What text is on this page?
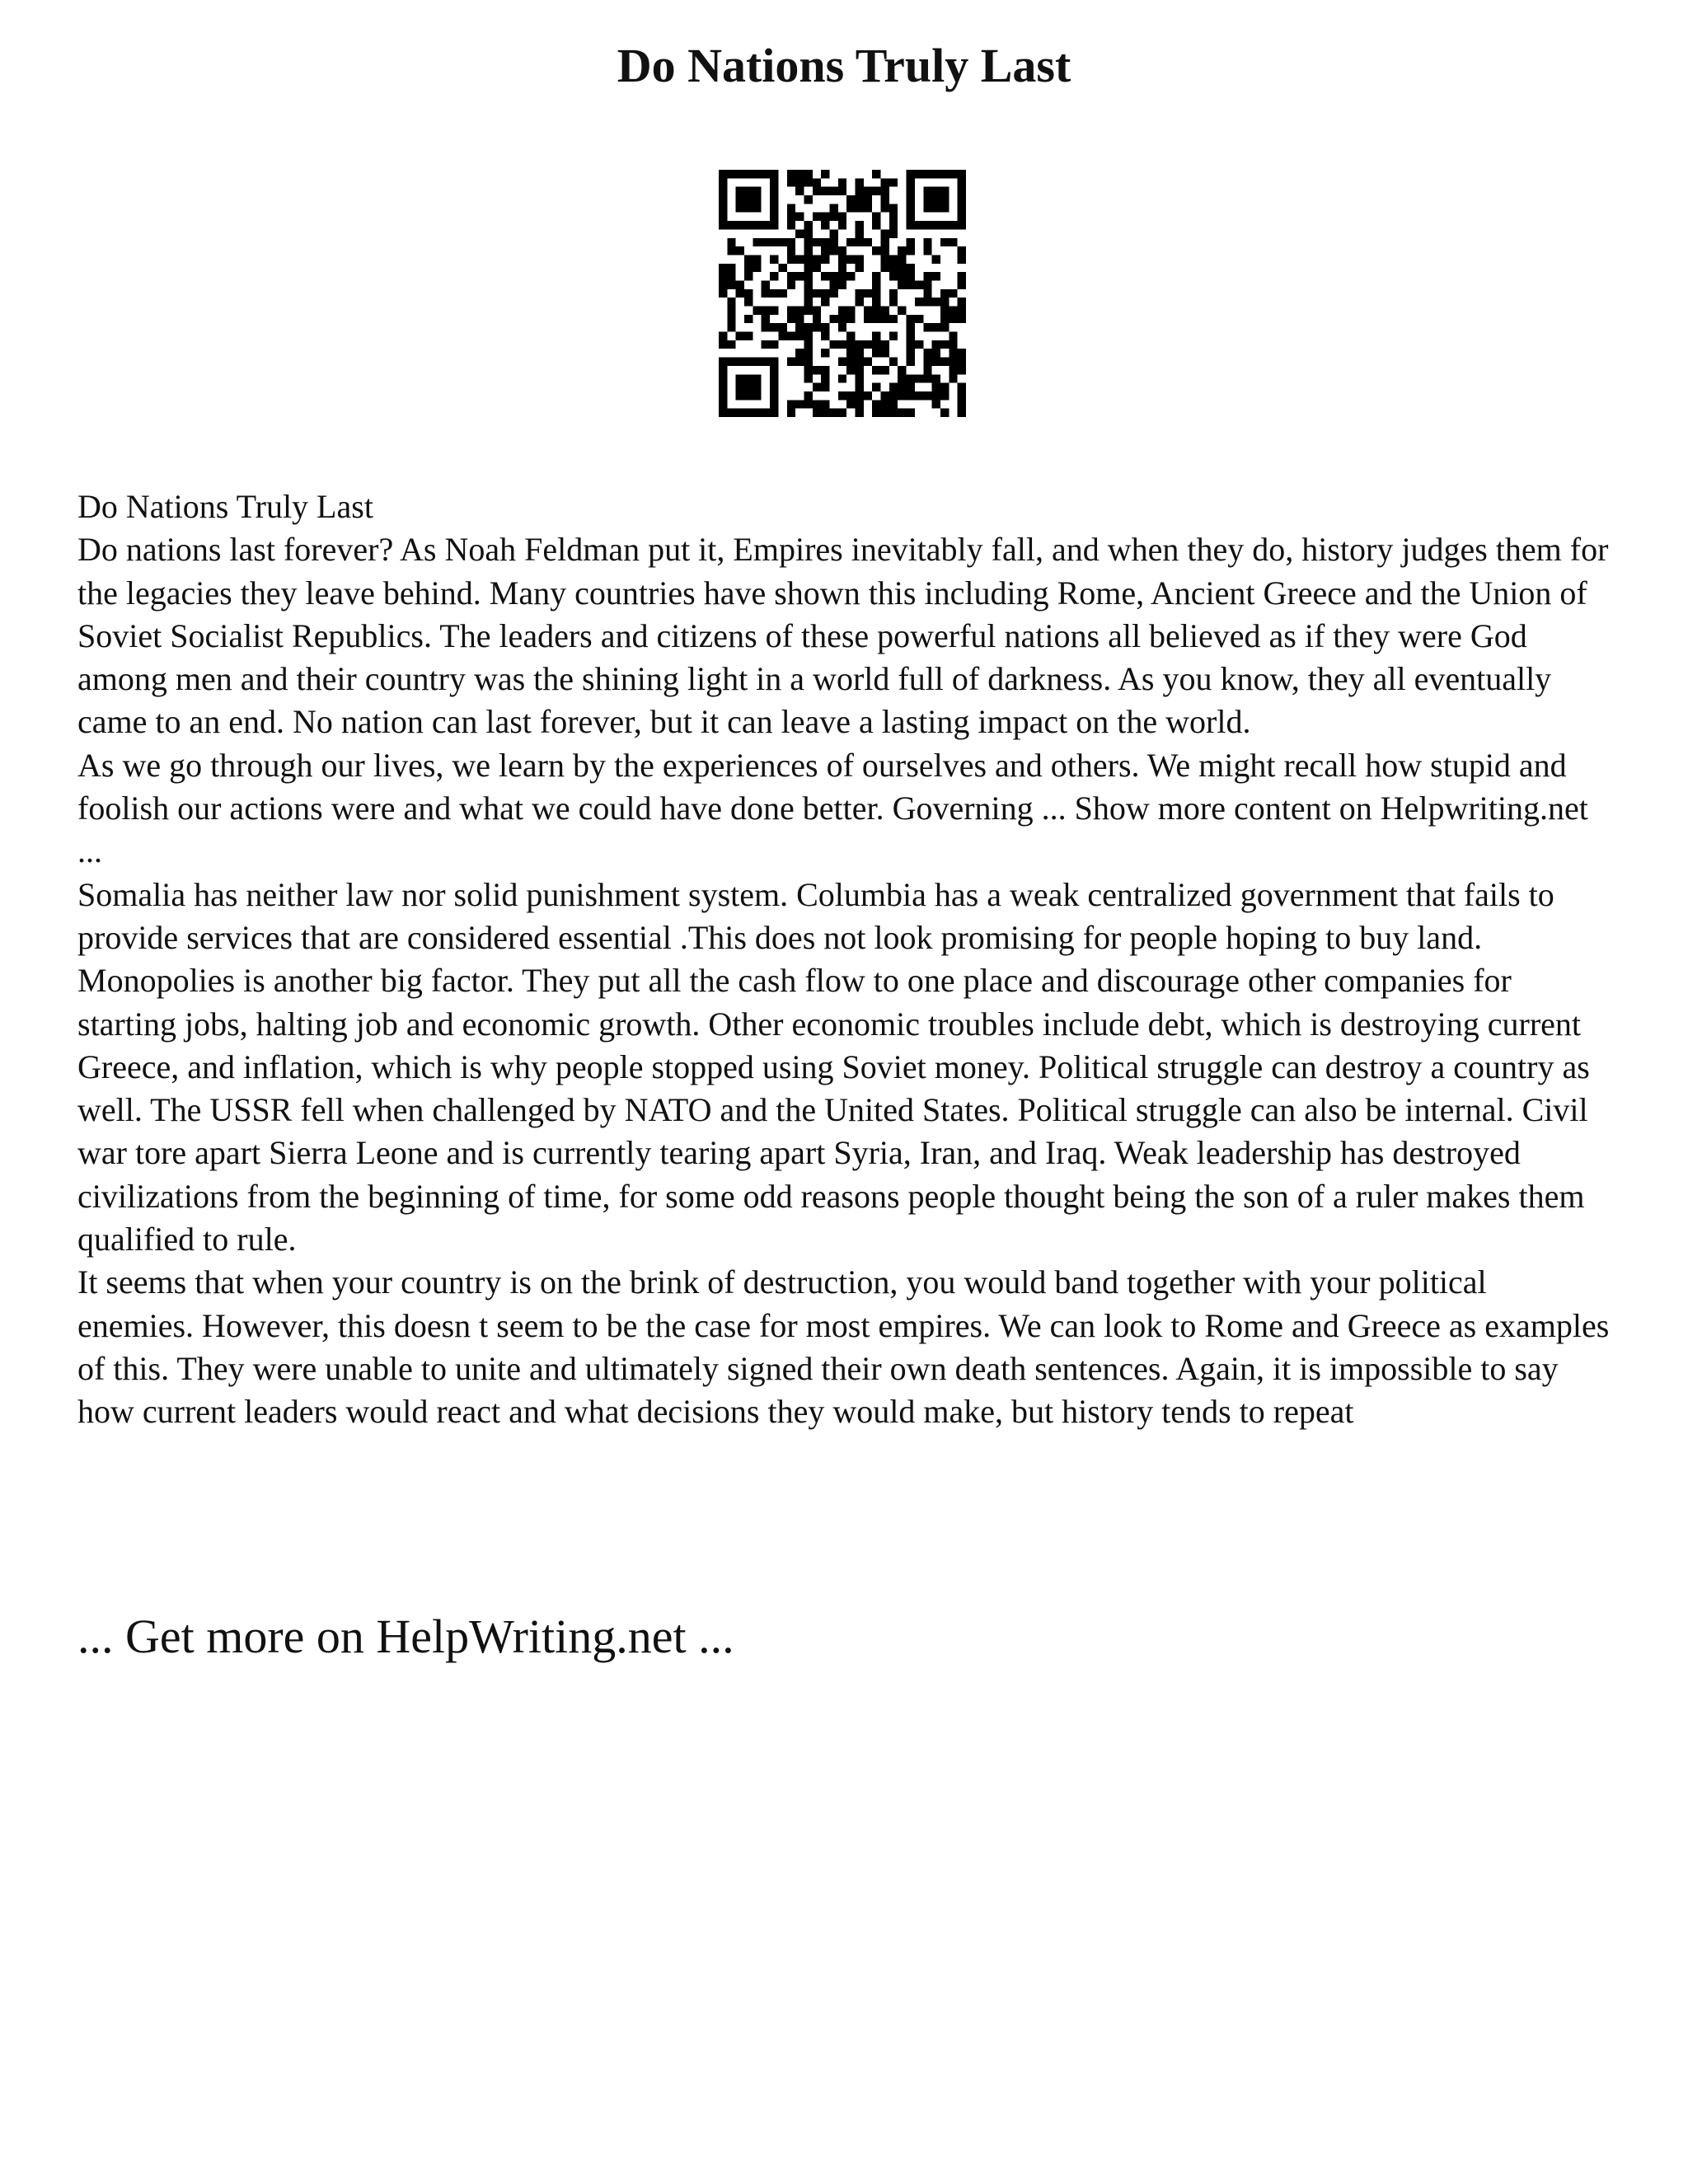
Do Nations Truly Last

Do Nations Truly Last

Do nations last forever? As Noah Feldman put it, Empires inevitably fall, and when they do, history judges them for the legacies they leave behind. Many countries have shown this including Rome, Ancient Greece and the Union of Soviet Socialist Republics. The leaders and citizens of these powerful nations all believed as if they were God among men and their country was the shining light in a world full of darkness. As you know, they all eventually came to an end. No nation can last forever, but it can leave a lasting impact on the world.

As we go through our lives, we learn by the experiences of ourselves and others. We might recall how stupid and foolish our actions were and what we could have done better. Governing ... Show more content on Helpwriting.net ...

Somalia has neither law nor solid punishment system. Columbia has a weak centralized government that fails to provide services that are considered essential .This does not look promising for people hoping to buy land. Monopolies is another big factor. They put all the cash flow to one place and discourage other companies for starting jobs, halting job and economic growth. Other economic troubles include debt, which is destroying current Greece, and inflation, which is why people stopped using Soviet money. Political struggle can destroy a country as well. The USSR fell when challenged by NATO and the United States. Political struggle can also be internal. Civil war tore apart Sierra Leone and is currently tearing apart Syria, Iran, and Iraq. Weak leadership has destroyed civilizations from the beginning of time, for some odd reasons people thought being the son of a ruler makes them qualified to rule.

It seems that when your country is on the brink of destruction, you would band together with your political enemies. However, this doesn t seem to be the case for most empires. We can look to Rome and Greece as examples of this. They were unable to unite and ultimately signed their own death sentences. Again, it is impossible to say how current leaders would react and what decisions they would make, but history tends to repeat

... Get more on HelpWriting.net ...
